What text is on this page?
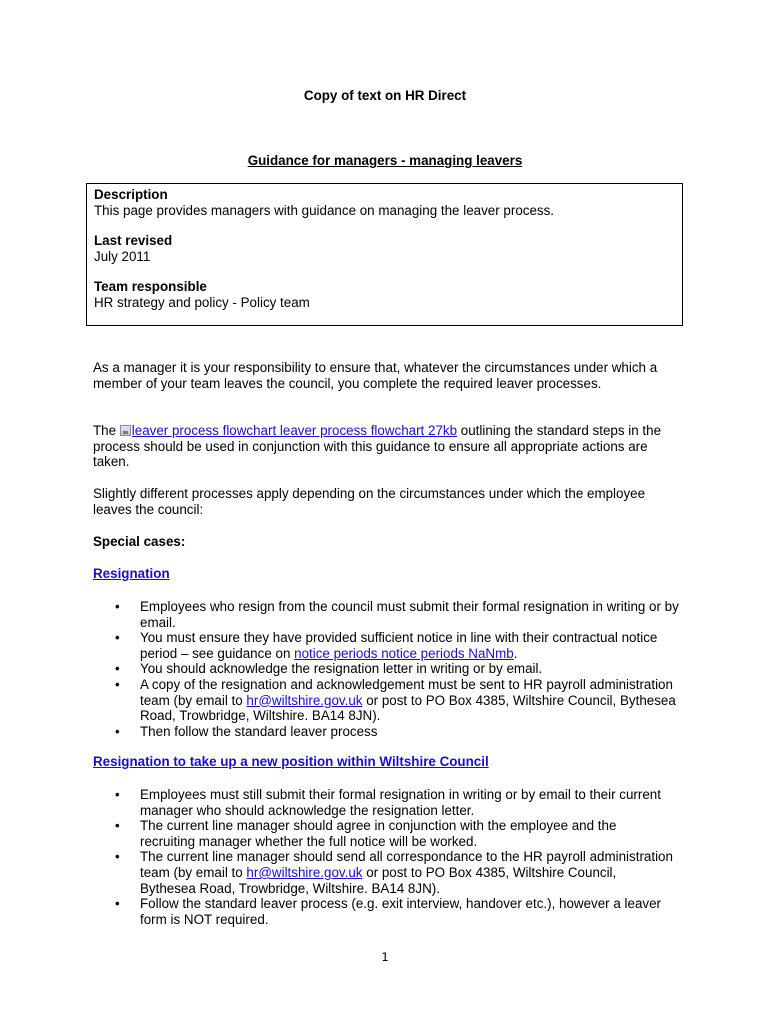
Copy of text on HR Direct
Guidance for managers - managing leavers
Description
This page provides managers with guidance on managing the leaver process.
Last revised
July 2011
Team responsible
HR strategy and policy - Policy team

As a manager it is your responsibility to ensure that, whatever the circumstances under which a member of your team leaves the council, you complete the required leaver processes.

The leaver process flowchart leaver process flowchart 27kb outlining the standard steps in the process should be used in conjunction with this guidance to ensure all appropriate actions are taken.

Slightly different processes apply depending on the circumstances under which the employee leaves the council:

Special cases:
Resignation
• Employees who resign from the council must submit their formal resignation in writing or by email.
• You must ensure they have provided sufficient notice in line with their contractual notice period – see guidance on notice periods notice periods NaNmb.
• You should acknowledge the resignation letter in writing or by email.
• A copy of the resignation and acknowledgement must be sent to HR payroll administration team (by email to hr@wiltshire.gov.uk or post to PO Box 4385, Wiltshire Council, Bythesea Road, Trowbridge, Wiltshire. BA14 8JN).
• Then follow the standard leaver process
Resignation to take up a new position within Wiltshire Council
• Employees must still submit their formal resignation in writing or by email to their current manager who should acknowledge the resignation letter.
• The current line manager should agree in conjunction with the employee and the recruiting manager whether the full notice will be worked.
• The current line manager should send all correspondance to the HR payroll administration team (by email to hr@wiltshire.gov.uk or post to PO Box 4385, Wiltshire Council, Bythesea Road, Trowbridge, Wiltshire. BA14 8JN).
• Follow the standard leaver process (e.g. exit interview, handover etc.), however a leaver form is NOT required.
1
